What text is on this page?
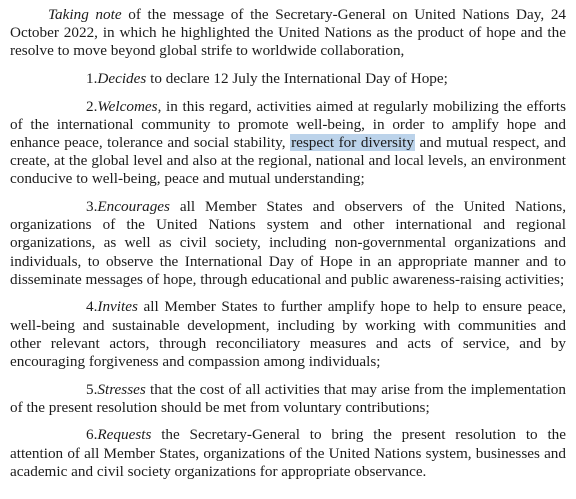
Taking note of the message of the Secretary-General on United Nations Day, 24 October 2022, in which he highlighted the United Nations as the product of hope and the resolve to move beyond global strife to worldwide collaboration,

1.Decides to declare 12 July the International Day of Hope;

2.Welcomes, in this regard, activities aimed at regularly mobilizing the efforts of the international community to promote well-being, in order to amplify hope and enhance peace, tolerance and social stability, respect for diversity and mutual respect, and create, at the global level and also at the regional, national and local levels, an environment conducive to well-being, peace and mutual understanding;

3.Encourages all Member States and observers of the United Nations, organizations of the United Nations system and other international and regional organizations, as well as civil society, including non-governmental organizations and individuals, to observe the International Day of Hope in an appropriate manner and to disseminate messages of hope, through educational and public awareness-raising activities;

4.Invites all Member States to further amplify hope to help to ensure peace, well-being and sustainable development, including by working with communities and other relevant actors, through reconciliatory measures and acts of service, and by encouraging forgiveness and compassion among individuals;

5.Stresses that the cost of all activities that may arise from the implementation of the present resolution should be met from voluntary contributions;

6.Requests the Secretary-General to bring the present resolution to the attention of all Member States, organizations of the United Nations system, businesses and academic and civil society organizations for appropriate observance.
